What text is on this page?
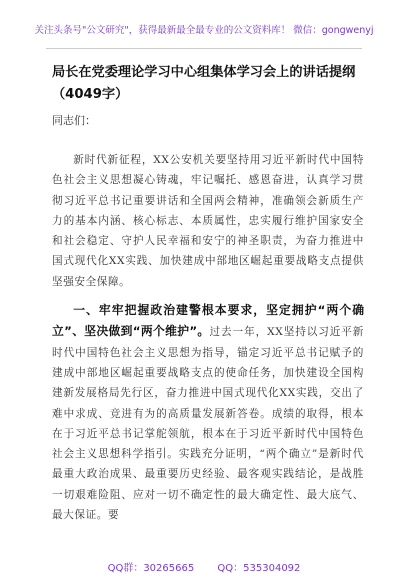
关注头条号"公文研究"，获得最新最全最专业的公文资料库！ 微信：gongwenyj
局长在党委理论学习中心组集体学习会上的讲话提纲（4049字）
同志们：

新时代新征程，XX公安机关要坚持用习近平新时代中国特色社会主义思想凝心铸魂，牢记嘱托、感恩奋进，认真学习贯彻习近平总书记重要讲话和全国两会精神，准确领会新质生产力的基本内涵、核心标志、本质属性，忠实履行维护国家安全和社会稳定、守护人民幸福和安宁的神圣职责，为奋力推进中国式现代化XX实践、加快建成中部地区崛起重要战略支点提供坚强安全保障。

一、牢牢把握政治建警根本要求，坚定拥护“两个确立”、坚决做到“两个维护”。过去一年，XX坚持以习近平新时代中国特色社会主义思想为指导，锚定习近平总书记赋予的建成中部地区崛起重要战略支点的使命任务，加快建设全国构建新发展格局先行区，奋力推进中国式现代化XX实践，交出了难中求成、竞进有为的高质量发展新答卷。成绩的取得，根本在于习近平总书记掌舵领航，根本在于习近平新时代中国特色社会主义思想科学指引。实践充分证明，“两个确立”是新时代最重大政治成果、最重要历史经验、最客观实践结论，是战胜一切艰难险阻、应对一切不确定性的最大确定性、最大底气、最大保证。要

QQ群：30265665 QQ：535304092
